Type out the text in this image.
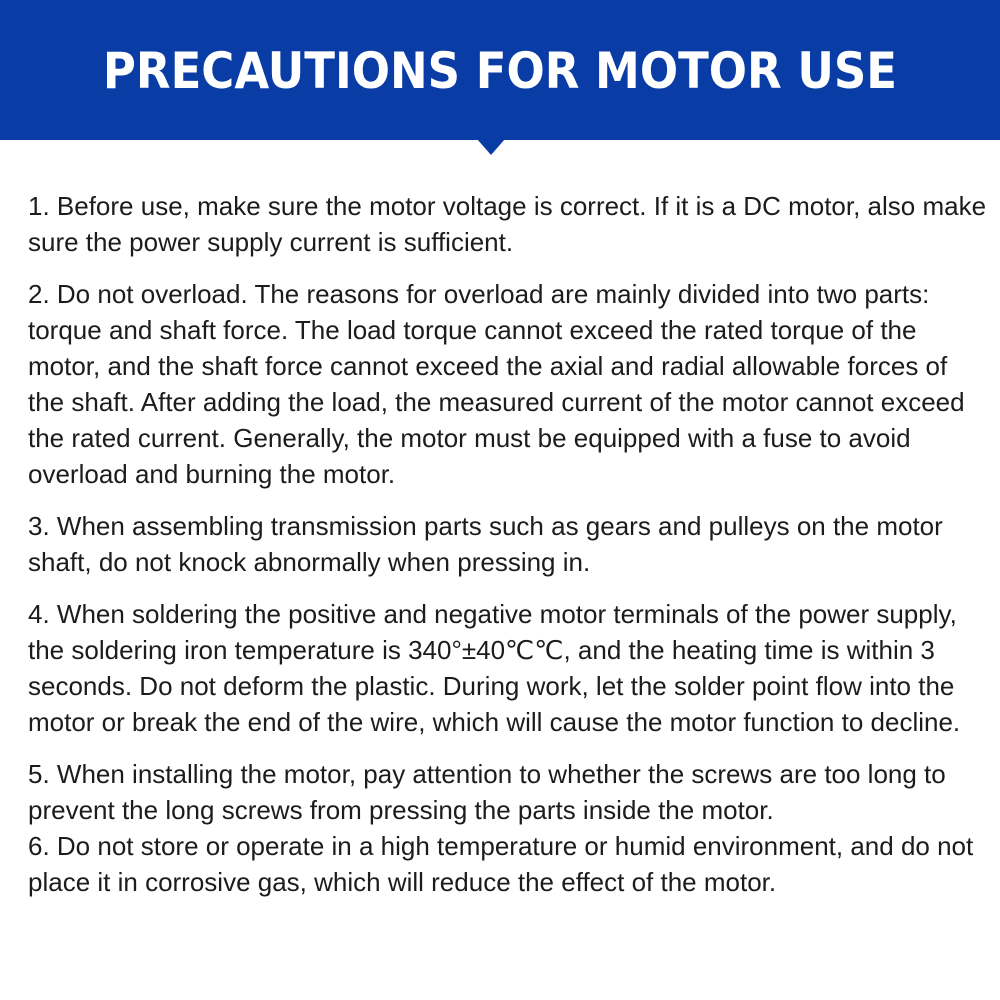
PRECAUTIONS FOR MOTOR USE

1. Before use, make sure the motor voltage is correct. If it is a DC motor, also make sure the power supply current is sufficient.

2. Do not overload. The reasons for overload are mainly divided into two parts: torque and shaft force. The load torque cannot exceed the rated torque of the motor, and the shaft force cannot exceed the axial and radial allowable forces of the shaft. After adding the load, the measured current of the motor cannot exceed the rated current. Generally, the motor must be equipped with a fuse to avoid overload and burning the motor.

3. When assembling transmission parts such as gears and pulleys on the motor shaft, do not knock abnormally when pressing in.

4. When soldering the positive and negative motor terminals of the power supply, the soldering iron temperature is 340°±40℃℃, and the heating time is within 3 seconds. Do not deform the plastic. During work, let the solder point flow into the motor or break the end of the wire, which will cause the motor function to decline.

5. When installing the motor, pay attention to whether the screws are too long to prevent the long screws from pressing the parts inside the motor.

6. Do not store or operate in a high temperature or humid environment, and do not place it in corrosive gas, which will reduce the effect of the motor.
